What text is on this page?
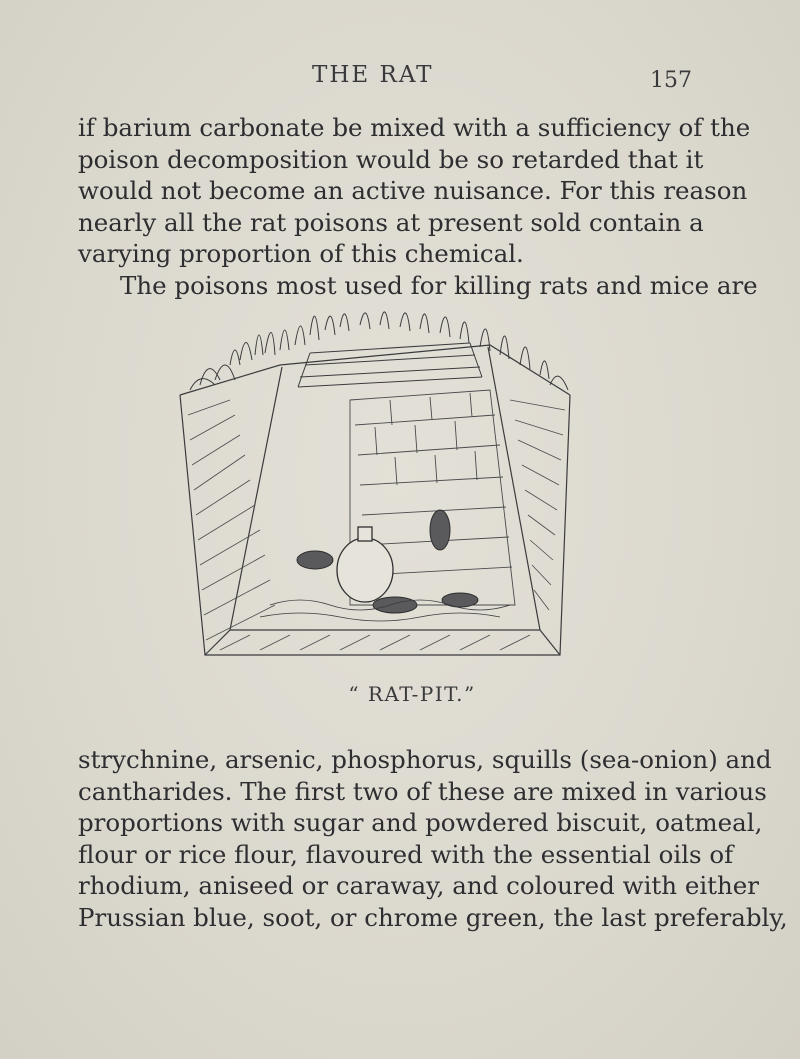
THE RAT	157
if barium carbonate be mixed with a sufficiency of the
poison decomposition would be so retarded that it
would not become an active nuisance. For this reason
nearly all the rat poisons at present sold contain a
varying proportion of this chemical.
The poisons most used for killing rats and mice are
“ RAT-PIT.”
strychnine, arsenic, phosphorus, squills (sea-onion) and
cantharides. The first two of these are mixed in various
proportions with sugar and powdered biscuit, oatmeal,
flour or rice flour, flavoured with the essential oils of
rhodium, aniseed or caraway, and coloured with either
Prussian blue, soot, or chrome green, the last preferably,
